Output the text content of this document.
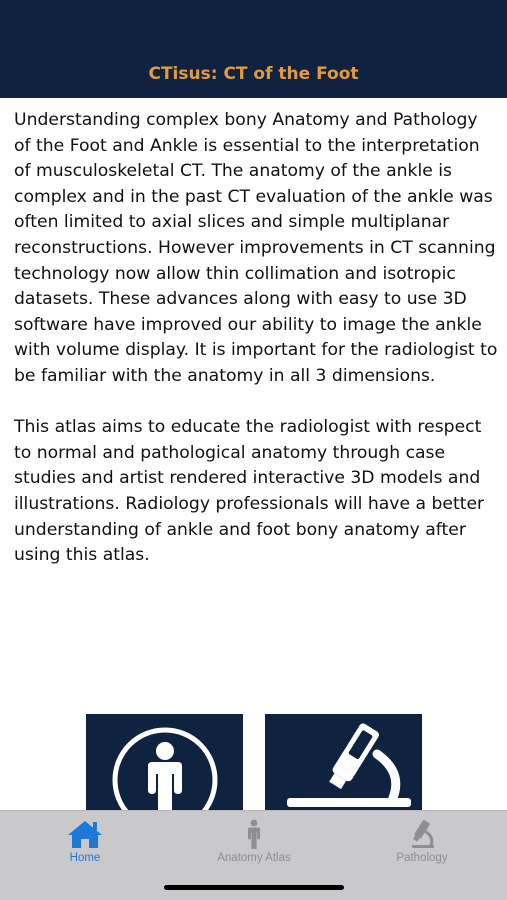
CTisus: CT of the Foot

Understanding complex bony Anatomy and Pathology of the Foot and Ankle is essential to the interpretation of musculoskeletal CT. The anatomy of the ankle is complex and in the past CT evaluation of the ankle was often limited to axial slices and simple multiplanar reconstructions. However improvements in CT scanning technology now allow thin collimation and isotropic datasets. These advances along with easy to use 3D software have improved our ability to image the ankle with volume display. It is important for the radiologist to be familiar with the anatomy in all 3 dimensions.

This atlas aims to educate the radiologist with respect to normal and pathological anatomy through case studies and artist rendered interactive 3D models and illustrations. Radiology professionals will have a better understanding of ankle and foot bony anatomy after using this atlas.

Home	Anatomy Atlas	Pathology
